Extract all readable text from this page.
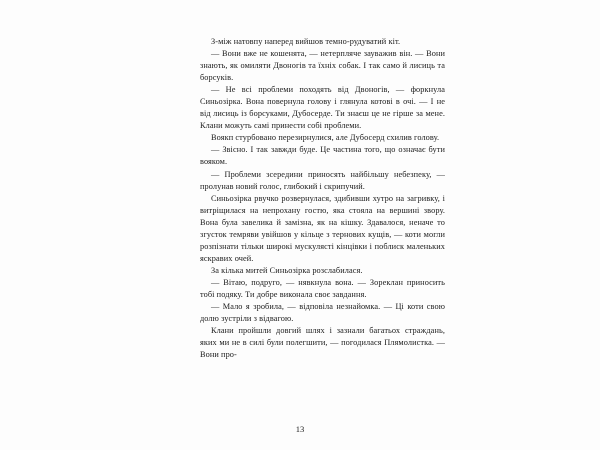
З-між натовпу наперед вийшов темно-рудуватий кіт.

— Вони вже не кошенята, — нетерпляче зауважив він. — Вони знають, як омиляти Двоногів та їхніх собак. І так само й лисиць та борсуків.

— Не всі проблеми походять від Двоногів, — форкнула Синьозірка. Вона повернула голову і глянула котові в очі. — І не від лисиць із борсуками, Дубосерде. Ти знаєш це не гірше за мене. Клани можуть самі принести собі проблеми.

Воякп стурбовано перезирнулися, але Дубосерд схилив голову.

— Звісно. І так завжди буде. Це частина того, що означає бути вояком.

— Проблеми зсередини приносять найбільшу небезпеку, — пролунав новий голос, глибокий і скрипучий.

Синьозірка рвучко розвернулася, здибивши хутро на загривку, і витріщилася на непрохану гостю, яка стояла на вершині звору. Вона була завелика й замізна, як на кішку. Здавалося, неначе то згусток темряви увійшов у кільце з тернових кущів, — коти могли розпізнати тільки широкі мускулясті кінцівки і поблиск маленьких яскравих очей.

За кілька митей Синьозірка розслабилася.

— Вітаю, подруго, — нявкнула вона. — Зореклан приносить тобі подяку. Ти добре виконала своє завдання.

— Мало я зробила, — відповіла незнайомка. — Ці коти свою долю зустріли з відвагою.

Клани пройшли довгий шлях і зазнали багатьох страждань, яких ми не в силі були полегшити, — погодилася Плямолистка. — Вони про-

13
